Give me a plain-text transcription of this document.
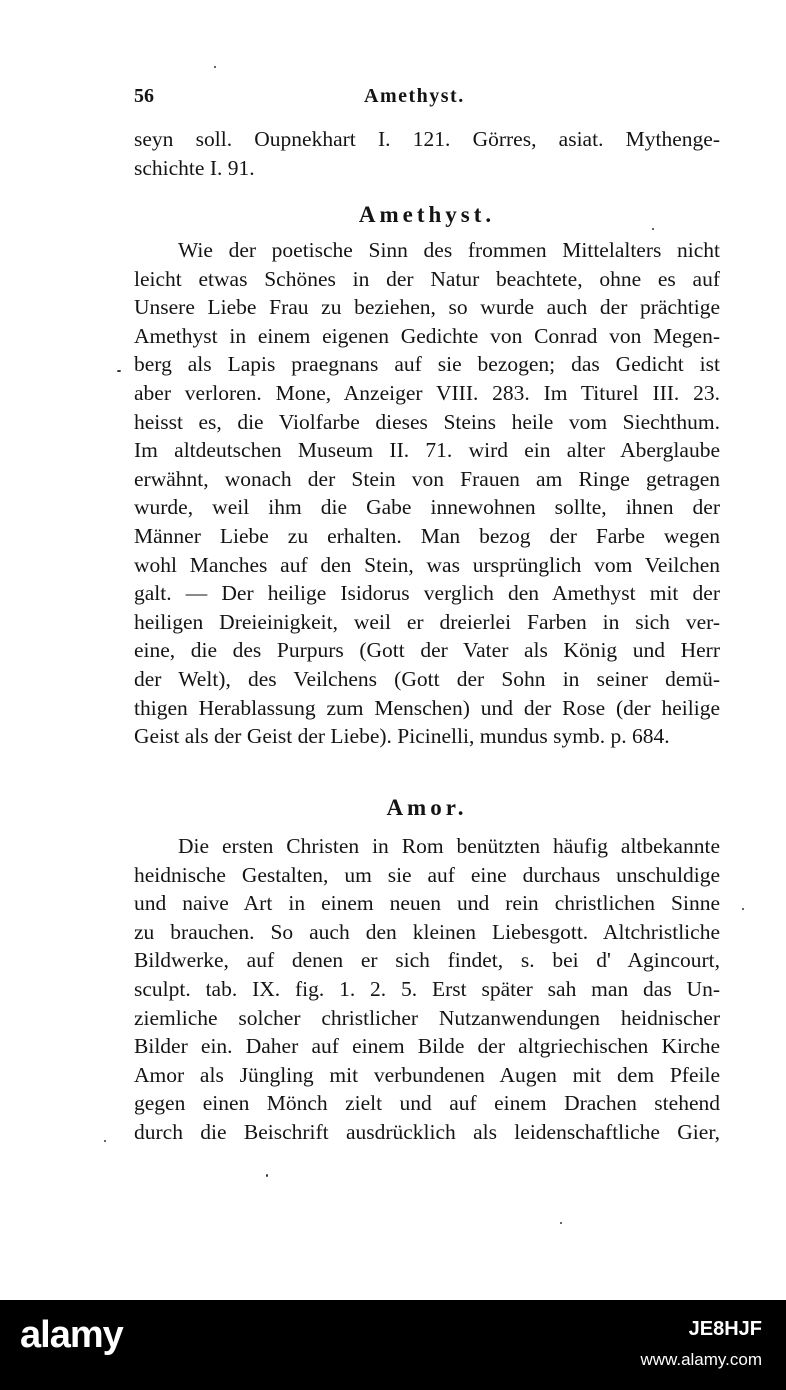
56	Amethyst.
seyn soll. Oupnekhart I. 121. Görres, asiat. Mythenge-
schichte I. 91.
Amethyst.
Wie der poetische Sinn des frommen Mittelalters nicht
leicht etwas Schönes in der Natur beachtete, ohne es auf
Unsere Liebe Frau zu beziehen, so wurde auch der prächtige
Amethyst in einem eigenen Gedichte von Conrad von Megen-
berg als Lapis praegnans auf sie bezogen; das Gedicht ist
aber verloren. Mone, Anzeiger VIII. 283. Im Titurel III. 23.
heisst es, die Violfarbe dieses Steins heile vom Siechthum.
Im altdeutschen Museum II. 71. wird ein alter Aberglaube
erwähnt, wonach der Stein von Frauen am Ringe getragen
wurde, weil ihm die Gabe innewohnen sollte, ihnen der
Männer Liebe zu erhalten. Man bezog der Farbe wegen
wohl Manches auf den Stein, was ursprünglich vom Veilchen
galt. — Der heilige Isidorus verglich den Amethyst mit der
heiligen Dreieinigkeit, weil er dreierlei Farben in sich ver-
eine, die des Purpurs (Gott der Vater als König und Herr
der Welt), des Veilchens (Gott der Sohn in seiner demü-
thigen Herablassung zum Menschen) und der Rose (der heilige
Geist als der Geist der Liebe). Picinelli, mundus symb. p. 684.
Amor.
Die ersten Christen in Rom benützten häufig altbekannte
heidnische Gestalten, um sie auf eine durchaus unschuldige
und naive Art in einem neuen und rein christlichen Sinne
zu brauchen. So auch den kleinen Liebesgott. Altchristliche
Bildwerke, auf denen er sich findet, s. bei d' Agincourt,
sculpt. tab. IX. fig. 1. 2. 5. Erst später sah man das Un-
ziemliche solcher christlicher Nutzanwendungen heidnischer
Bilder ein. Daher auf einem Bilde der altgriechischen Kirche
Amor als Jüngling mit verbundenen Augen mit dem Pfeile
gegen einen Mönch zielt und auf einem Drachen stehend
durch die Beischrift ausdrücklich als leidenschaftliche Gier,
alamy	JE8HJF
www.alamy.com
